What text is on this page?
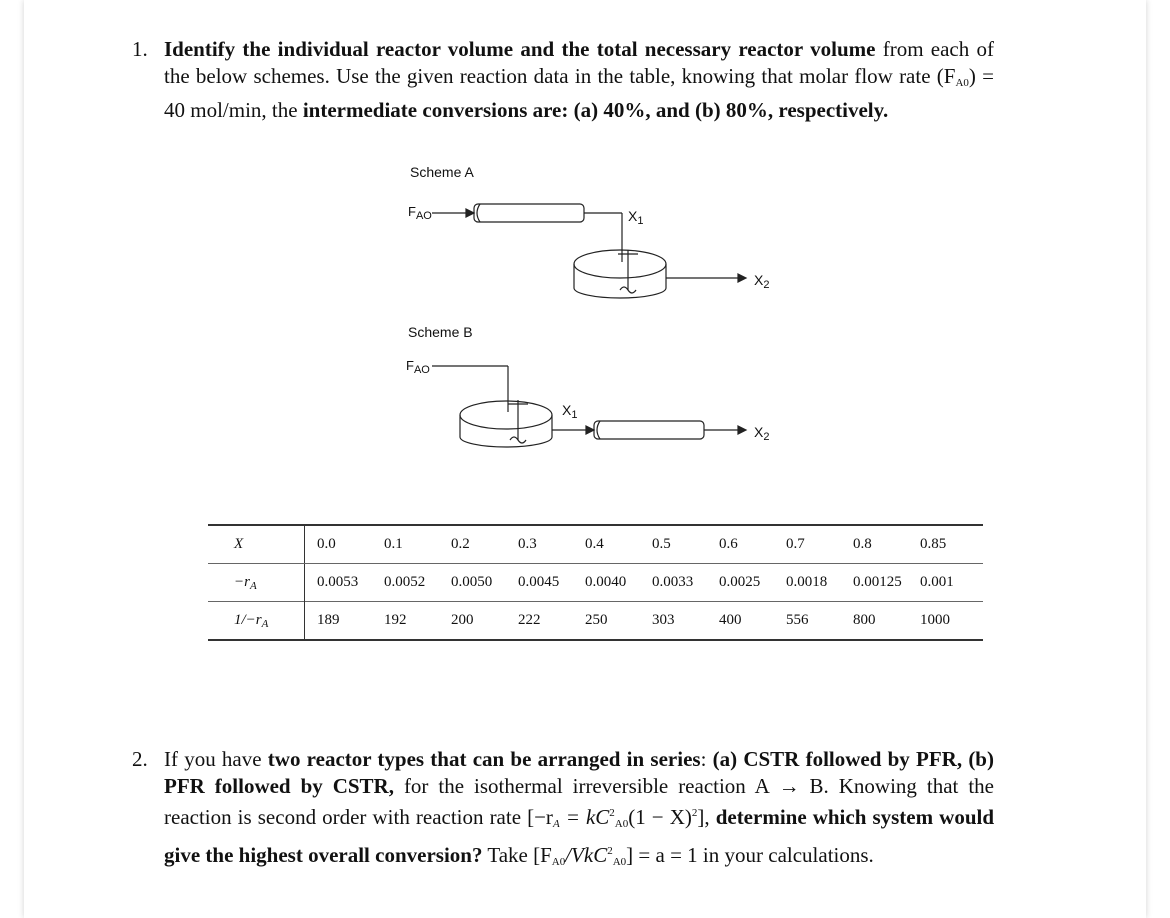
1. Identify the individual reactor volume and the total necessary reactor volume from each of the below schemes. Use the given reaction data in the table, knowing that molar flow rate $(F_{A0}) = 40$ mol/min, the intermediate conversions are: (a) 40%, and (b) 80%, respectively.
Scheme A
$F_{AO}$	$X_1$
$X_2$
Scheme B
$F_{AO}$
$X_1$
$X_2$
X	0.0	0.1	0.2	0.3	0.4	0.5	0.6	0.7	0.8	0.85
$-r_A$	0.0053	0.0052	0.0050	0.0045	0.0040	0.0033	0.0025	0.0018	0.00125	0.001
$1/-r_A$	189	192	200	222	250	303	400	556	800	1000
2. If you have two reactor types that can be arranged in series: (a) CSTR followed by PFR, (b) PFR followed by CSTR, for the isothermal irreversible reaction A → B. Knowing that the reaction is second order with reaction rate $[-r_A = kC^2_{A0}(1 - X)^2]$, determine which system would give the highest overall conversion? Take $[F_{A0}/VkC^2_{A0}] = a = 1$ in your calculations.
